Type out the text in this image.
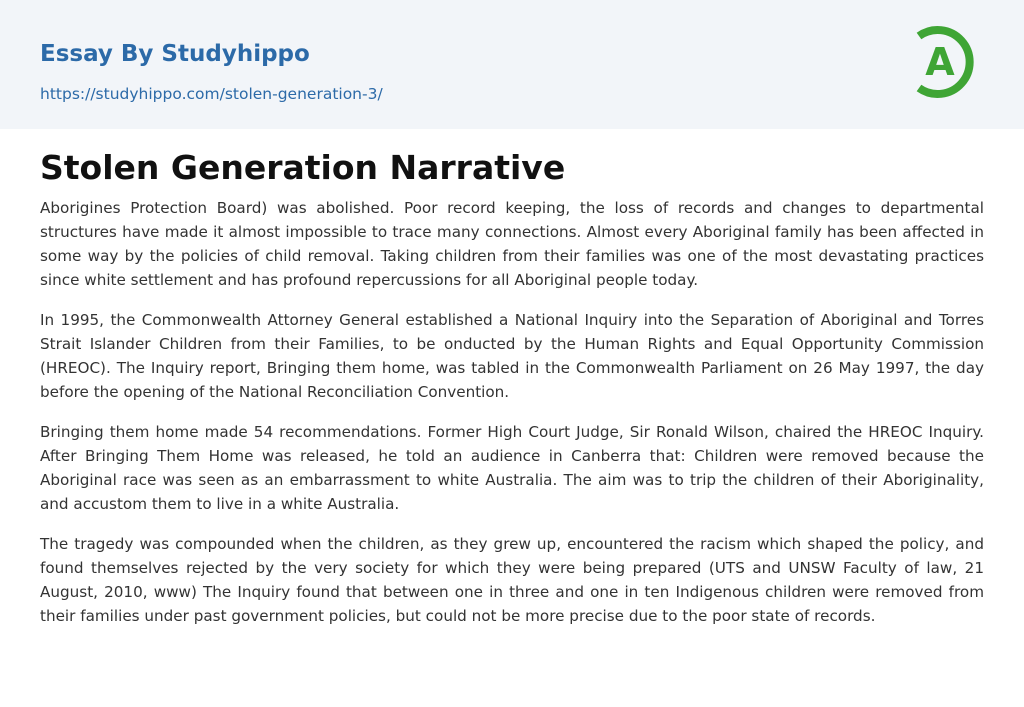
Essay By Studyhippo
https://studyhippo.com/stolen-generation-3/
A
Stolen Generation Narrative

Aborigines Protection Board) was abolished. Poor record keeping, the loss of records and changes to departmental structures have made it almost impossible to trace many connections. Almost every Aboriginal family has been affected in some way by the policies of child removal. Taking children from their families was one of the most devastating practices since white settlement and has profound repercussions for all Aboriginal people today.

In 1995, the Commonwealth Attorney General established a National Inquiry into the Separation of Aboriginal and Torres Strait Islander Children from their Families, to be onducted by the Human Rights and Equal Opportunity Commission (HREOC). The Inquiry report, Bringing them home, was tabled in the Commonwealth Parliament on 26 May 1997, the day before the opening of the National Reconciliation Convention.

Bringing them home made 54 recommendations. Former High Court Judge, Sir Ronald Wilson, chaired the HREOC Inquiry. After Bringing Them Home was released, he told an audience in Canberra that: Children were removed because the Aboriginal race was seen as an embarrassment to white Australia. The aim was to trip the children of their Aboriginality, and accustom them to live in a white Australia.

The tragedy was compounded when the children, as they grew up, encountered the racism which shaped the policy, and found themselves rejected by the very society for which they were being prepared (UTS and UNSW Faculty of law, 21 August, 2010, www) The Inquiry found that between one in three and one in ten Indigenous children were removed from their families under past government policies, but could not be more precise due to the poor state of records.
